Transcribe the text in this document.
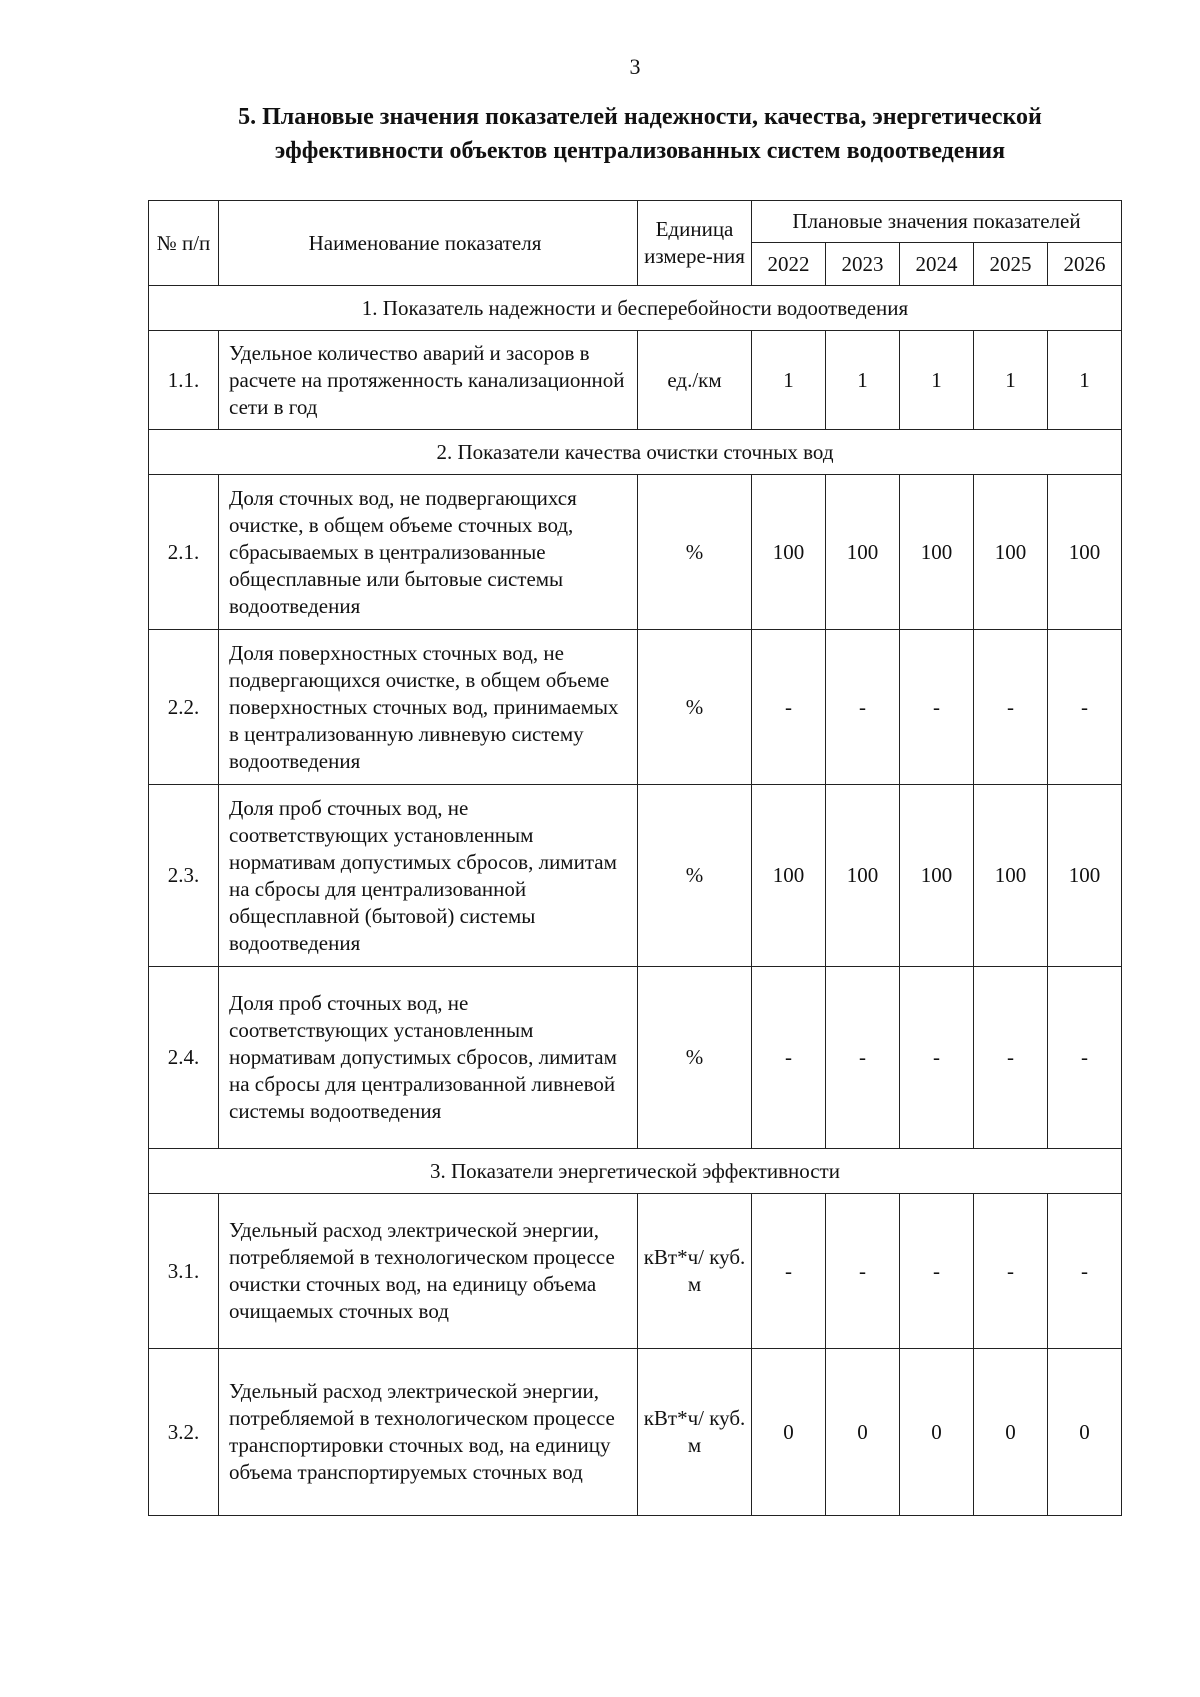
3
5. Плановые значения показателей надежности, качества, энергетической
эффективности объектов централизованных систем водоотведения
№ п/п	Наименование показателя	Единица измере-ния	Плановые значения показателей				
			2022	2023	2024	2025	2026
1. Показатель надежности и бесперебойности водоотведения							
1.1.	Удельное количество аварий и засоров в расчете на протяженность канализационной сети в год	ед./км	1	1	1	1	1
2. Показатели качества очистки сточных вод							
2.1.	Доля сточных вод, не подвергающихся очистке, в общем объеме сточных вод, сбрасываемых в централизованные общесплавные или бытовые системы водоотведения	%	100	100	100	100	100
2.2.	Доля поверхностных сточных вод, не подвергающихся очистке, в общем объеме поверхностных сточных вод, принимаемых в централизованную ливневую систему водоотведения	%	-	-	-	-	-
2.3.	Доля проб сточных вод, не соответствующих установленным нормативам допустимых сбросов, лимитам на сбросы для централизованной общесплавной (бытовой) системы водоотведения	%	100	100	100	100	100
2.4.	Доля проб сточных вод, не соответствующих установленным нормативам допустимых сбросов, лимитам на сбросы для централизованной ливневой системы водоотведения	%	-	-	-	-	-
3. Показатели энергетической эффективности							
3.1.	Удельный расход электрической энергии, потребляемой в технологическом процессе очистки сточных вод, на единицу объема очищаемых сточных вод	кВт*ч/ куб. м	-	-	-	-	-
3.2.	Удельный расход электрической энергии, потребляемой в технологическом процессе транспортировки сточных вод, на единицу объема транспортируемых сточных вод	кВт*ч/ куб. м	0	0	0	0	0
